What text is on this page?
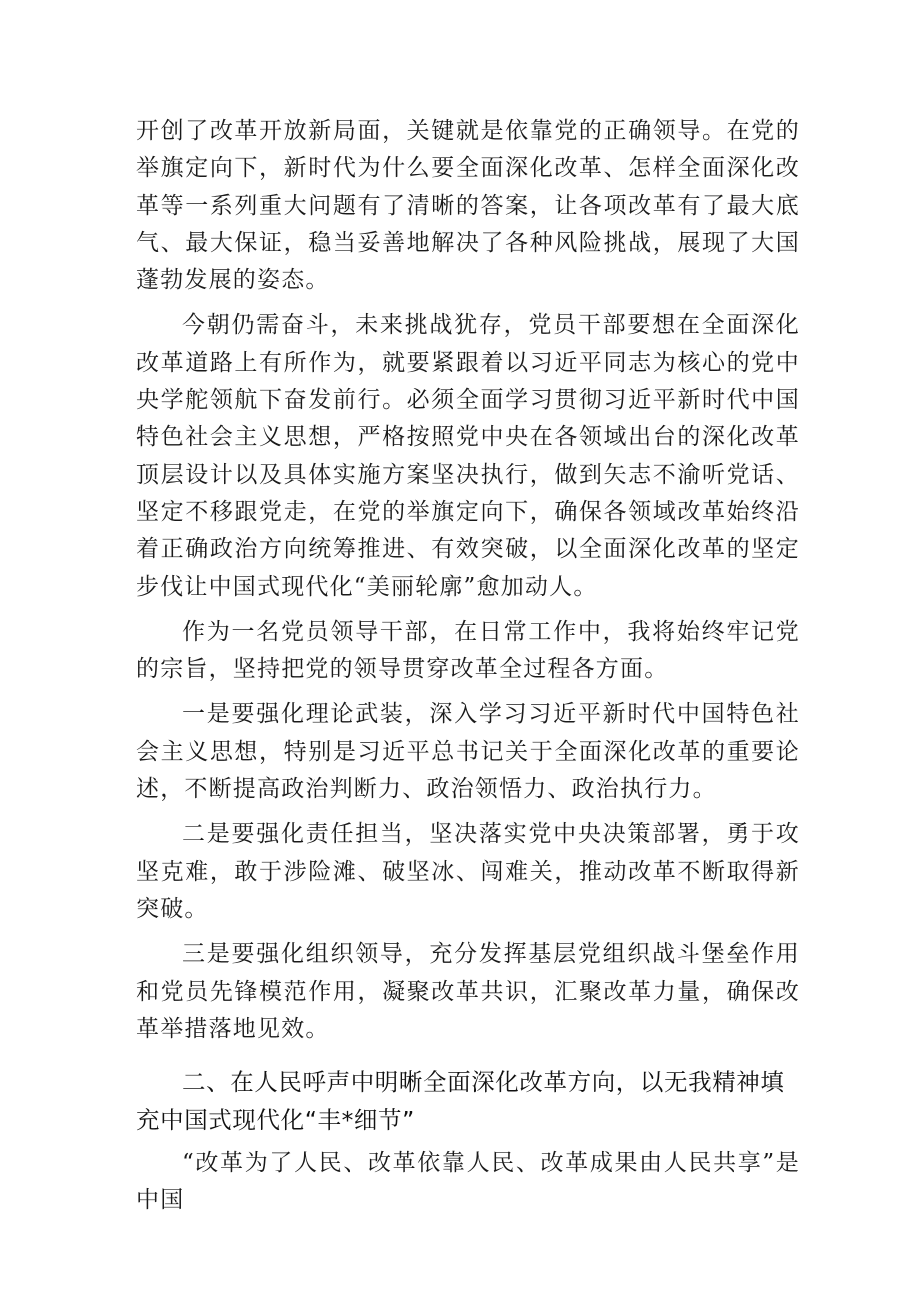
开创了改革开放新局面，关键就是依靠党的正确领导。在党的举旗定向下，新时代为什么要全面深化改革、怎样全面深化改革等一系列重大问题有了清晰的答案，让各项改革有了最大底气、最大保证，稳当妥善地解决了各种风险挑战，展现了大国蓬勃发展的姿态。

今朝仍需奋斗，未来挑战犹存，党员干部要想在全面深化改革道路上有所作为，就要紧跟着以习近平同志为核心的党中央学舵领航下奋发前行。必须全面学习贯彻习近平新时代中国特色社会主义思想，严格按照党中央在各领域出台的深化改革顶层设计以及具体实施方案坚决执行，做到矢志不渝听党话、坚定不移跟党走，在党的举旗定向下，确保各领域改革始终沿着正确政治方向统筹推进、有效突破，以全面深化改革的坚定步伐让中国式现代化“美丽轮廓”愈加动人。

作为一名党员领导干部，在日常工作中，我将始终牢记党的宗旨，坚持把党的领导贯穿改革全过程各方面。

一是要强化理论武装，深入学习习近平新时代中国特色社会主义思想，特别是习近平总书记关于全面深化改革的重要论述，不断提高政治判断力、政治领悟力、政治执行力。

二是要强化责任担当，坚决落实党中央决策部署，勇于攻坚克难，敢于涉险滩、破坚冰、闯难关，推动改革不断取得新突破。

三是要强化组织领导，充分发挥基层党组织战斗堡垒作用和党员先锋模范作用，凝聚改革共识，汇聚改革力量，确保改革举措落地见效。

二、在人民呼声中明晰全面深化改革方向，以无我精神填充中国式现代化“丰*细节”

“改革为了人民、改革依靠人民、改革成果由人民共享”是中国
